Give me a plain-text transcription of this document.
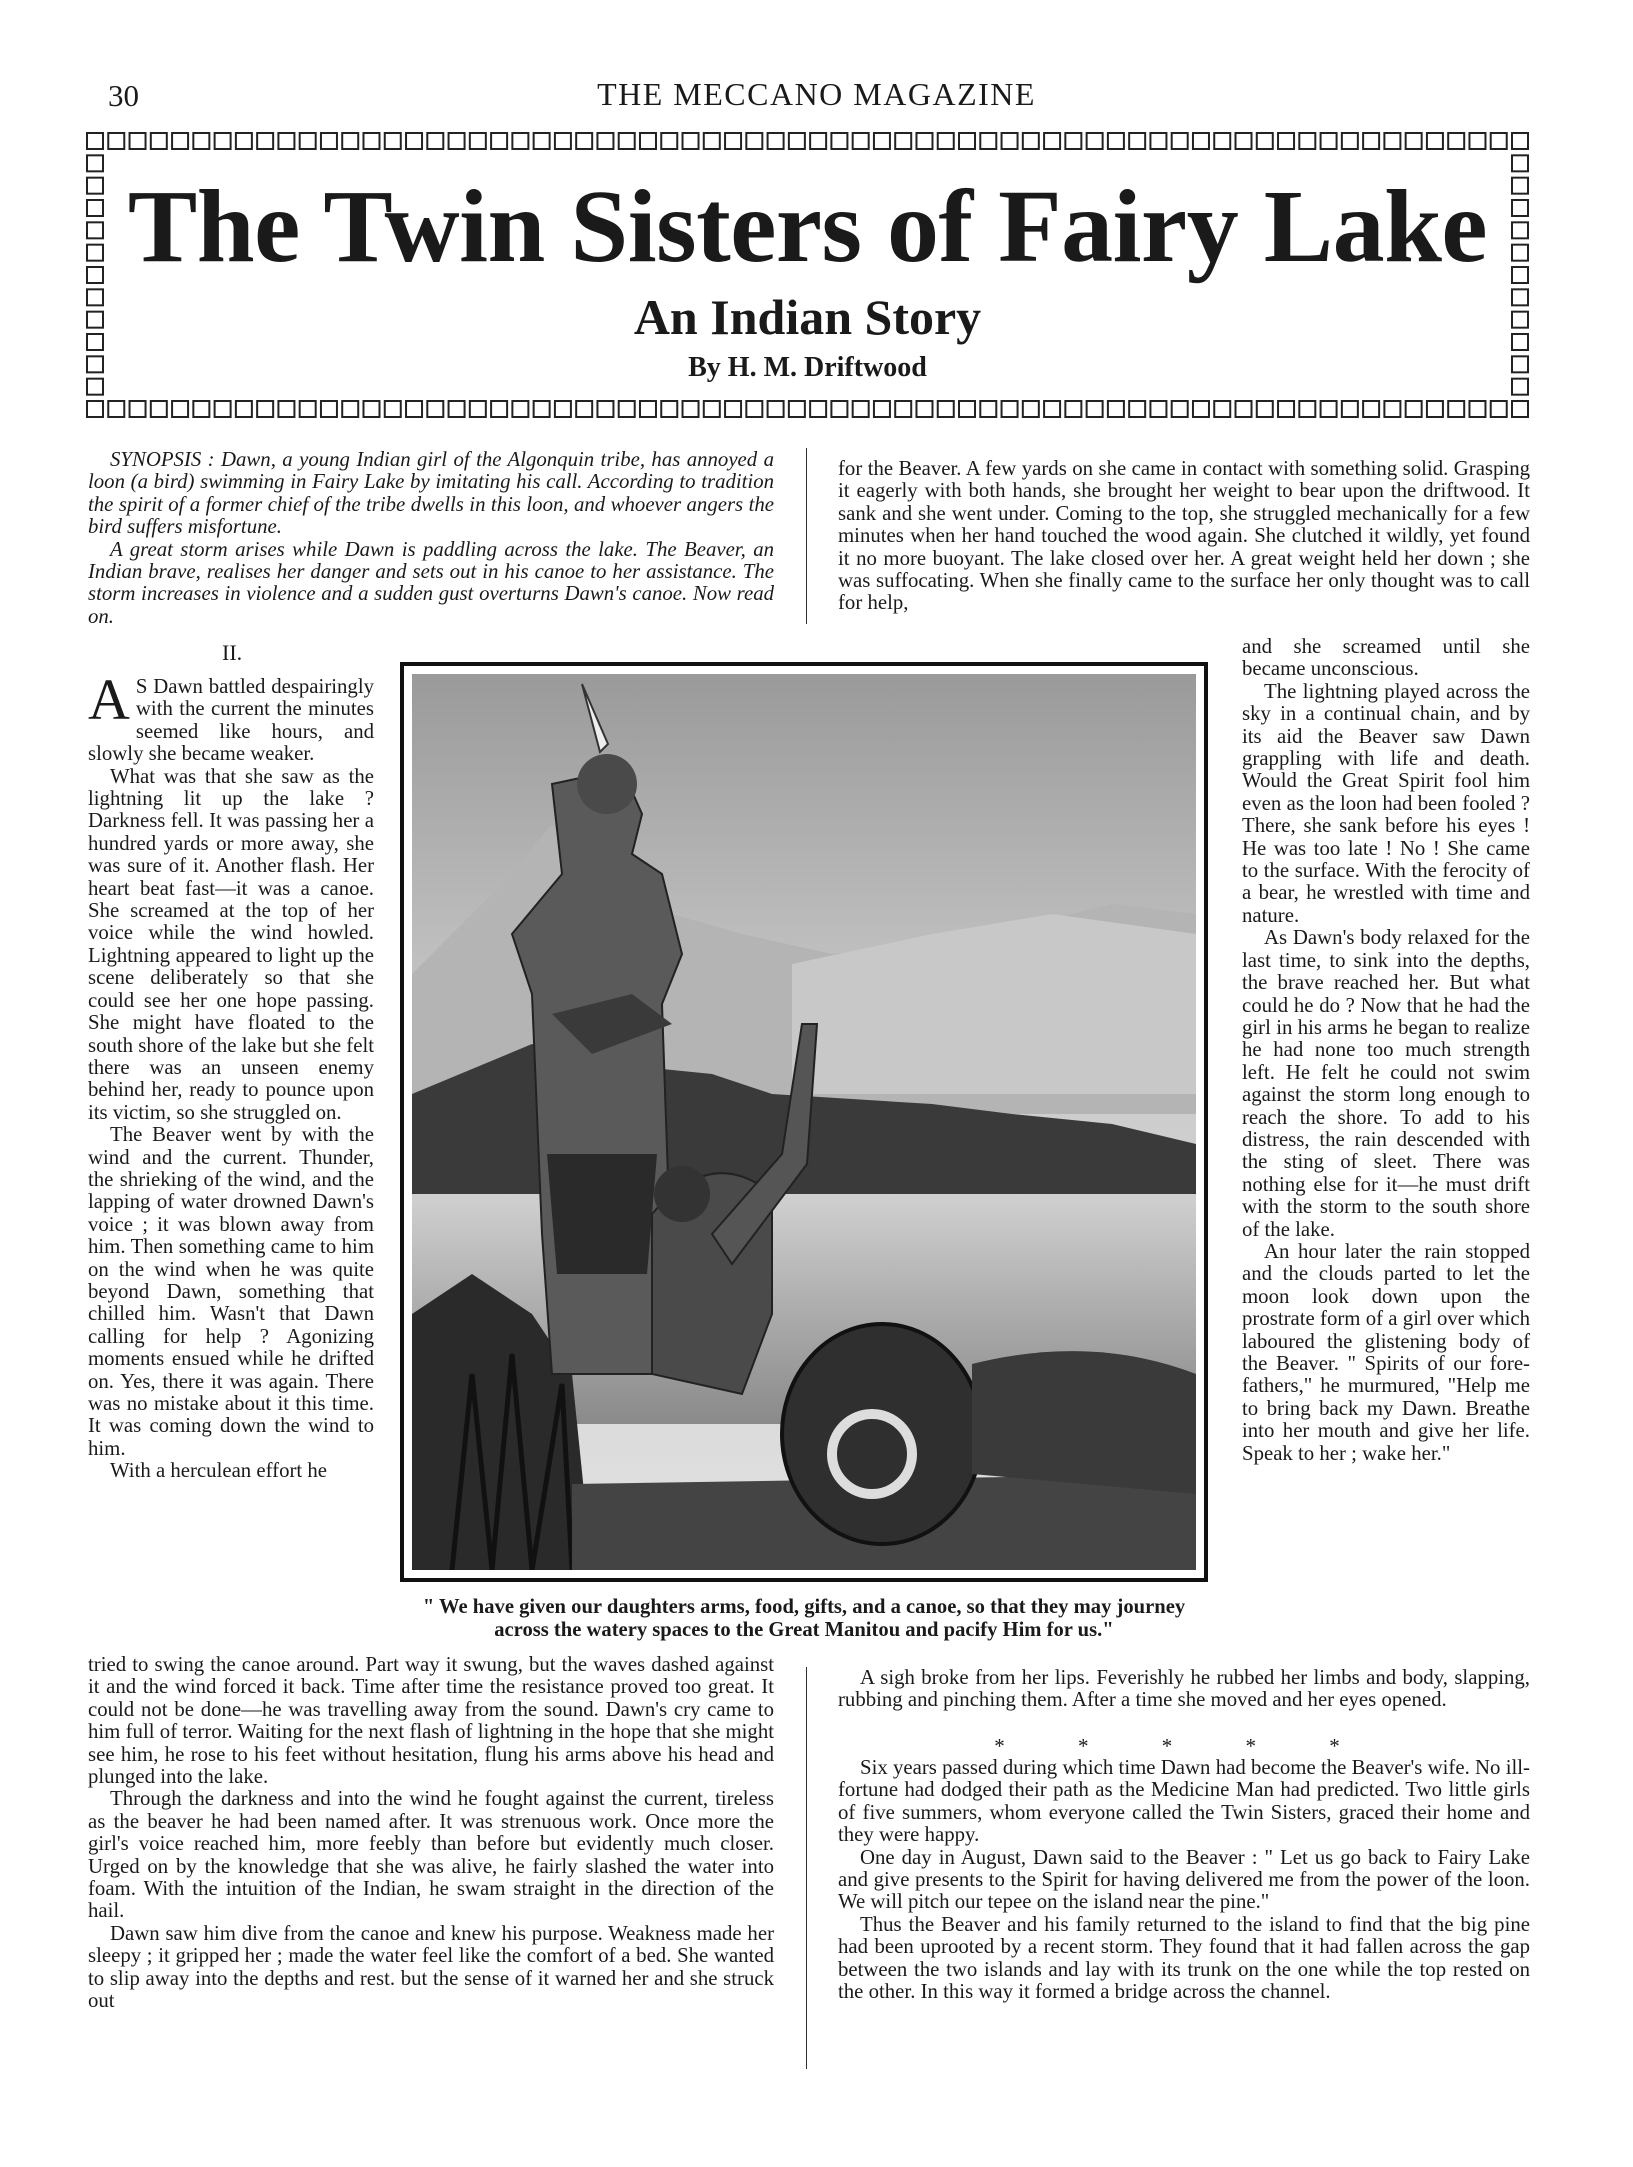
30	THE MECCANO MAGAZINE
The Twin Sisters of Fairy Lake
An Indian Story
By H. M. Driftwood

SYNOPSIS : Dawn, a young Indian girl of the Algonquin tribe, has annoyed a loon (a bird) swimming in Fairy Lake by imitating his call. According to tradition the spirit of a former chief of the tribe dwells in this loon, and whoever angers the bird suffers misfortune.

A great storm arises while Dawn is paddling across the lake. The Beaver, an Indian brave, realises her danger and sets out in his canoe to her assistance. The storm increases in violence and a sudden gust overturns Dawn's canoe. Now read on.

II.

A S Dawn battled despairingly with the current the minutes seemed like hours, and slowly she became weaker.

What was that she saw as the lightning lit up the lake ? Darkness fell. It was passing her a hundred yards or more away, she was sure of it. Another flash. Her heart beat fast—it was a canoe. She screamed at the top of her voice while the wind howled. Lightning appeared to light up the scene deliberately so that she could see her one hope passing. She might have floated to the south shore of the lake but she felt there was an unseen enemy behind her, ready to pounce upon its victim, so she struggled on.

The Beaver went by with the wind and the current. Thunder, the shrieking of the wind, and the lapping of water drowned Dawn's voice ; it was blown away from him. Then something came to him on the wind when he was quite beyond Dawn, something that chilled him. Wasn't that Dawn calling for help ? Agonizing moments ensued while he drifted on. Yes, there it was again. There was no mistake about it this time. It was coming down the wind to him.

With a herculean effort he

" We have given our daughters arms, food, gifts, and a canoe, so that they may journey across the watery spaces to the Great Manitou and pacify Him for us."

for the Beaver. A few yards on she came in contact with something solid. Grasping it eagerly with both hands, she brought her weight to bear upon the driftwood. It sank and she went under. Coming to the top, she struggled mechanically for a few minutes when her hand touched the wood again. She clutched it wildly, yet found it no more buoyant. The lake closed over her. A great weight held her down ; she was suffocating. When she finally came to the surface her only thought was to call for help,

and she screamed until she became unconscious.

The lightning played across the sky in a continual chain, and by its aid the Beaver saw Dawn grappling with life and death. Would the Great Spirit fool him even as the loon had been fooled ? There, she sank before his eyes ! He was too late ! No ! She came to the surface. With the ferocity of a bear, he wrestled with time and nature.

As Dawn's body relaxed for the last time, to sink into the depths, the brave reached her. But what could he do ? Now that he had the girl in his arms he began to realize he had none too much strength left. He felt he could not swim against the storm long enough to reach the shore. To add to his distress, the rain descended with the sting of sleet. There was nothing else for it—he must drift with the storm to the south shore of the lake.

An hour later the rain stopped and the clouds parted to let the moon look down upon the prostrate form of a girl over which laboured the glistening body of the Beaver. " Spirits of our fore-fathers," he murmured, "Help me to bring back my Dawn. Breathe into her mouth and give her life. Speak to her ; wake her."

tried to swing the canoe around. Part way it swung, but the waves dashed against it and the wind forced it back. Time after time the resistance proved too great. It could not be done—he was travelling away from the sound. Dawn's cry came to him full of terror. Waiting for the next flash of lightning in the hope that she might see him, he rose to his feet without hesitation, flung his arms above his head and plunged into the lake.

Through the darkness and into the wind he fought against the current, tireless as the beaver he had been named after. It was strenuous work. Once more the girl's voice reached him, more feebly than before but evidently much closer. Urged on by the knowledge that she was alive, he fairly slashed the water into foam. With the intuition of the Indian, he swam straight in the direction of the hail.

Dawn saw him dive from the canoe and knew his purpose. Weakness made her sleepy ; it gripped her ; made the water feel like the comfort of a bed. She wanted to slip away into the depths and rest. but the sense of it warned her and she struck out

A sigh broke from her lips. Feverishly he rubbed her limbs and body, slapping, rubbing and pinching them. After a time she moved and her eyes opened.

* * * * *

Six years passed during which time Dawn had become the Beaver's wife. No ill-fortune had dodged their path as the Medicine Man had predicted. Two little girls of five summers, whom everyone called the Twin Sisters, graced their home and they were happy.

One day in August, Dawn said to the Beaver : " Let us go back to Fairy Lake and give presents to the Spirit for having delivered me from the power of the loon. We will pitch our tepee on the island near the pine."

Thus the Beaver and his family returned to the island to find that the big pine had been uprooted by a recent storm. They found that it had fallen across the gap between the two islands and lay with its trunk on the one while the top rested on the other. In this way it formed a bridge across the channel.
